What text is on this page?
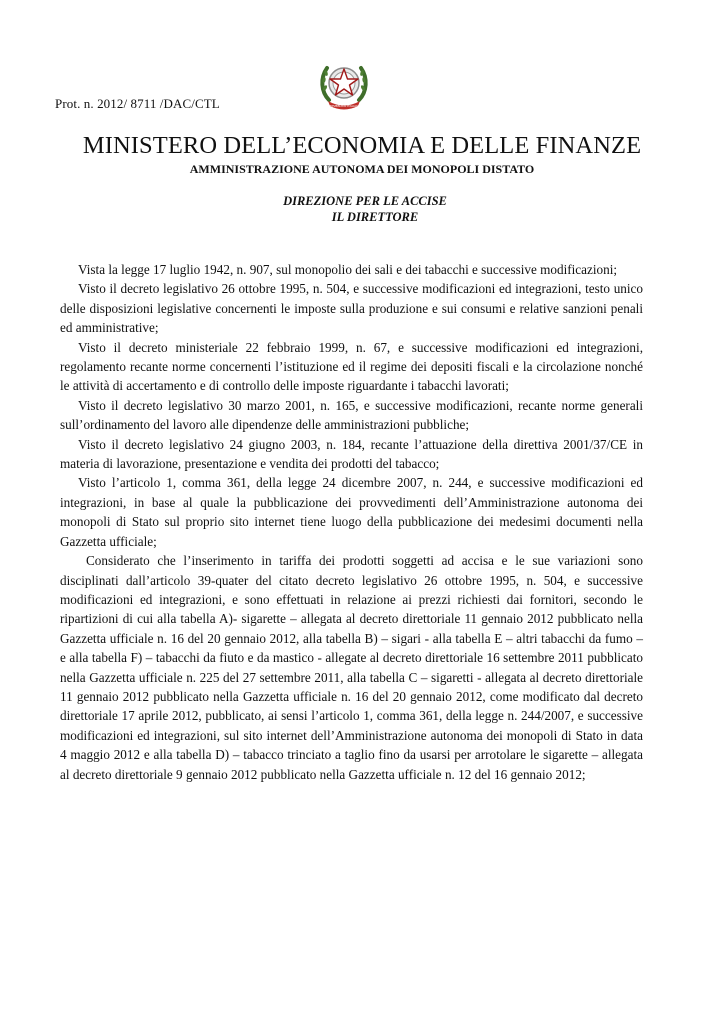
REPVBBLICA ITALIANA
Prot. n. 2012/ 8711 /DAC/CTL
MINISTERO DELL’ECONOMIA E DELLE FINANZE
AMMINISTRAZIONE AUTONOMA DEI MONOPOLI DISTATO
DIREZIONE PER LE ACCISE
IL DIRETTORE

Vista la legge 17 luglio 1942, n. 907, sul monopolio dei sali e dei tabacchi e successive modificazioni;

Visto il decreto legislativo 26 ottobre 1995, n. 504, e successive modificazioni ed integrazioni, testo unico delle disposizioni legislative concernenti le imposte sulla produzione e sui consumi e relative sanzioni penali ed amministrative;

Visto il decreto ministeriale 22 febbraio 1999, n. 67, e successive modificazioni ed integrazioni, regolamento recante norme concernenti l’istituzione ed il regime dei depositi fiscali e la circolazione nonché le attività di accertamento e di controllo delle imposte riguardante i tabacchi lavorati;

Visto il decreto legislativo 30 marzo 2001, n. 165, e successive modificazioni, recante norme generali sull’ordinamento del lavoro alle dipendenze delle amministrazioni pubbliche;

Visto il decreto legislativo 24 giugno 2003, n. 184, recante l’attuazione della direttiva 2001/37/CE in materia di lavorazione, presentazione e vendita dei prodotti del tabacco;

Visto l’articolo 1, comma 361, della legge 24 dicembre 2007, n. 244, e successive modificazioni ed integrazioni, in base al quale la pubblicazione dei provvedimenti dell’Amministrazione autonoma dei monopoli di Stato sul proprio sito internet tiene luogo della pubblicazione dei medesimi documenti nella Gazzetta ufficiale;

Considerato che l’inserimento in tariffa dei prodotti soggetti ad accisa e le sue variazioni sono disciplinati dall’articolo 39-quater del citato decreto legislativo 26 ottobre 1995, n. 504, e successive modificazioni ed integrazioni, e sono effettuati in relazione ai prezzi richiesti dai fornitori, secondo le ripartizioni di cui alla tabella A)- sigarette – allegata al decreto direttoriale 11 gennaio 2012 pubblicato nella Gazzetta ufficiale n. 16 del 20 gennaio 2012, alla tabella B) – sigari - alla tabella E – altri tabacchi da fumo – e alla tabella F) – tabacchi da fiuto e da mastico - allegate al decreto direttoriale 16 settembre 2011 pubblicato nella Gazzetta ufficiale n. 225 del 27 settembre 2011, alla tabella C – sigaretti - allegata al decreto direttoriale 11 gennaio 2012 pubblicato nella Gazzetta ufficiale n. 16 del 20 gennaio 2012, come modificato dal decreto direttoriale 17 aprile 2012, pubblicato, ai sensi l’articolo 1, comma 361, della legge n. 244/2007, e successive modificazioni ed integrazioni, sul sito internet dell’Amministrazione autonoma dei monopoli di Stato in data 4 maggio 2012 e alla tabella D) – tabacco trinciato a taglio fino da usarsi per arrotolare le sigarette – allegata al decreto direttoriale 9 gennaio 2012 pubblicato nella Gazzetta ufficiale n. 12 del 16 gennaio 2012;
